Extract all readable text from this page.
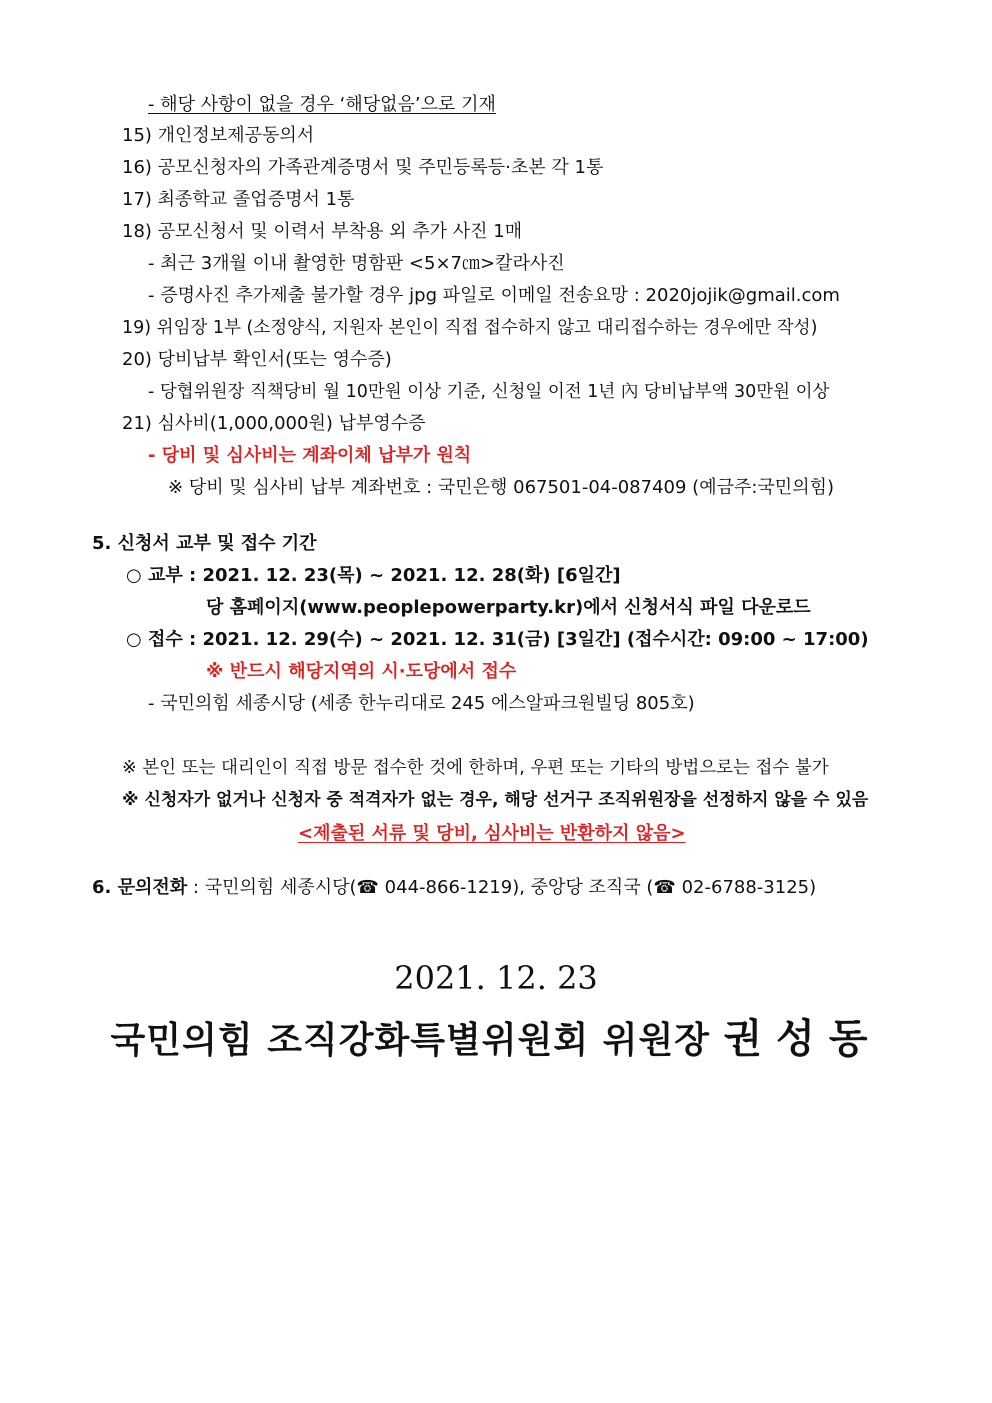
- 해당 사항이 없을 경우 ‘해당없음’으로 기재
15) 개인정보제공동의서
16) 공모신청자의 가족관계증명서 및 주민등록등·초본 각 1통
17) 최종학교 졸업증명서 1통
18) 공모신청서 및 이력서 부착용 외 추가 사진 1매
- 최근 3개월 이내 촬영한 명함판 <5×7㎝>칼라사진
- 증명사진 추가제출 불가할 경우 jpg 파일로 이메일 전송요망 : 2020jojik@gmail.com
19) 위임장 1부 (소정양식, 지원자 본인이 직접 접수하지 않고 대리접수하는 경우에만 작성)
20) 당비납부 확인서(또는 영수증)
- 당협위원장 직책당비 월 10만원 이상 기준, 신청일 이전 1년 內 당비납부액 30만원 이상
21) 심사비(1,000,000원) 납부영수증
- 당비 및 심사비는 계좌이체 납부가 원칙
※ 당비 및 심사비 납부 계좌번호 : 국민은행 067501-04-087409 (예금주:국민의힘)
5. 신청서 교부 및 접수 기간
○ 교부 : 2021. 12. 23(목) ~ 2021. 12. 28(화) [6일간]
당 홈페이지(www.peoplepowerparty.kr)에서 신청서식 파일 다운로드
○ 접수 : 2021. 12. 29(수) ~ 2021. 12. 31(금) [3일간] (접수시간: 09:00 ~ 17:00)
※ 반드시 해당지역의 시·도당에서 접수
- 국민의힘 세종시당 (세종 한누리대로 245 에스알파크원빌딩 805호)
※ 본인 또는 대리인이 직접 방문 접수한 것에 한하며, 우편 또는 기타의 방법으로는 접수 불가
※ 신청자가 없거나 신청자 중 적격자가 없는 경우, 해당 선거구 조직위원장을 선정하지 않을 수 있음
<제출된 서류 및 당비, 심사비는 반환하지 않음>
6. 문의전화 : 국민의힘 세종시당(☎ 044-866-1219), 중앙당 조직국 (☎ 02-6788-3125)
2021. 12. 23
국민의힘 조직강화특별위원회 위원장 권성동
